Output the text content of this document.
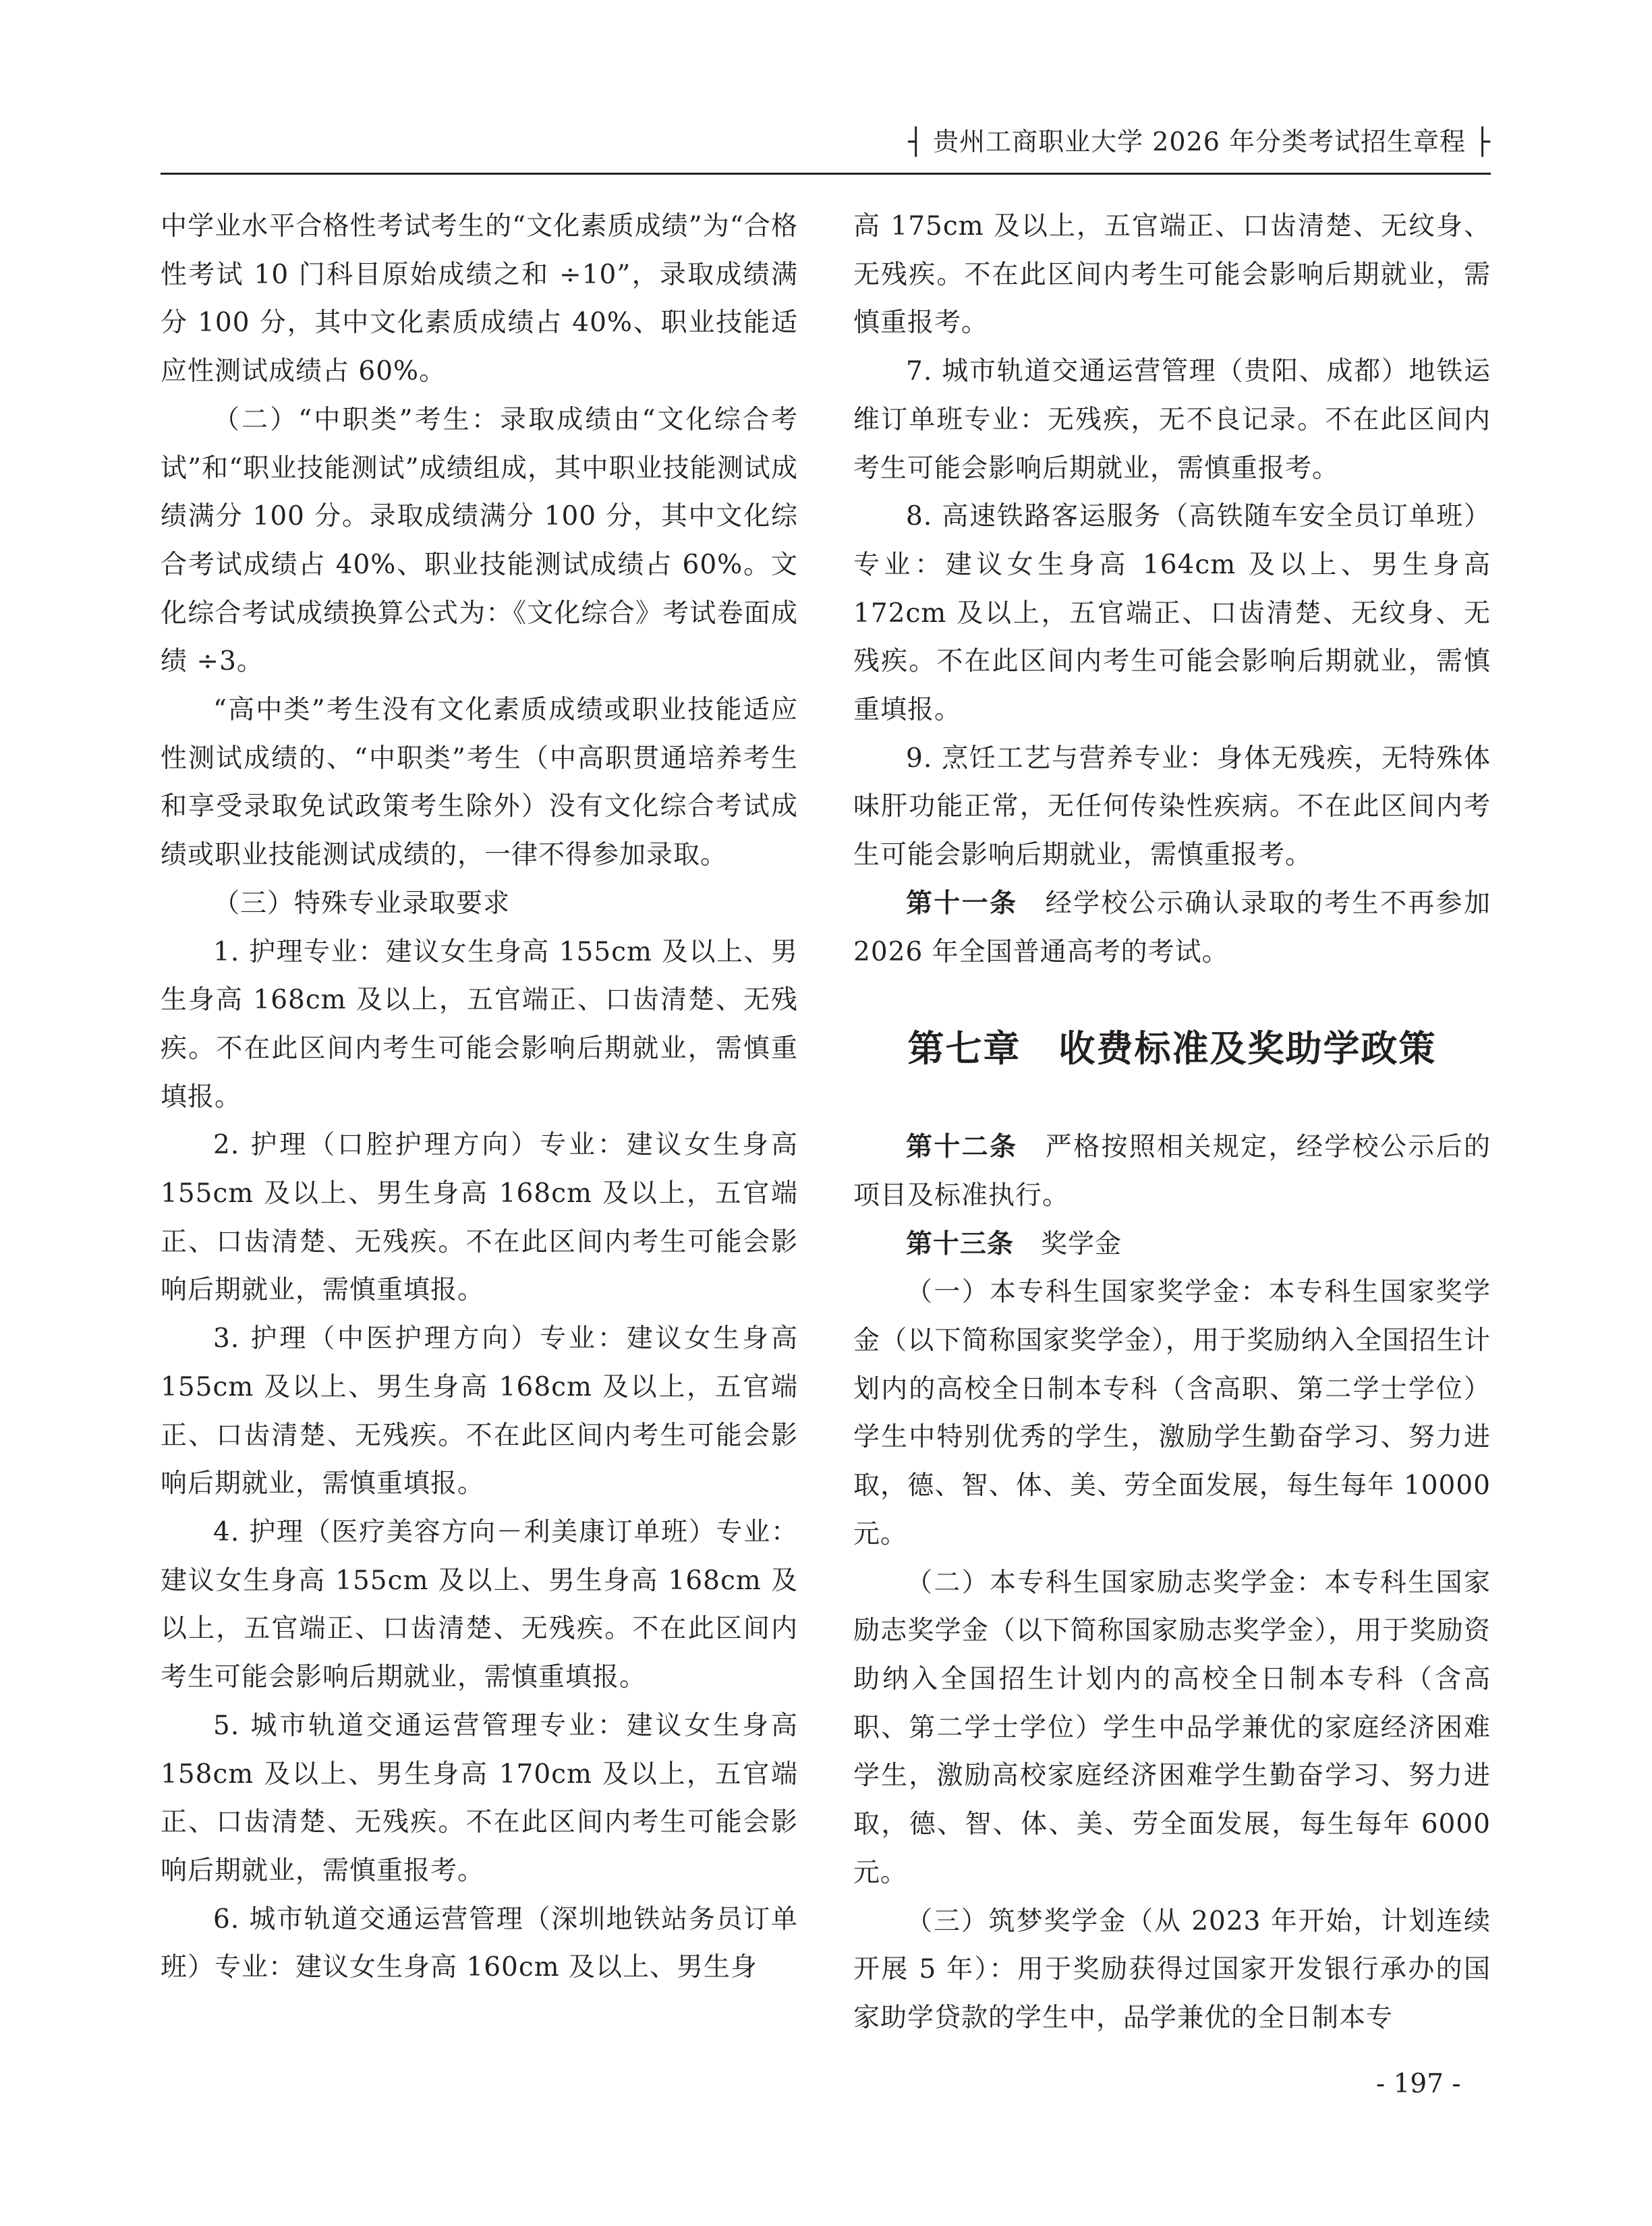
┤ 贵州工商职业大学 2026 年分类考试招生章程 ├

中学业水平合格性考试考生的“文化素质成绩”为“合格性考试 10 门科目原始成绩之和 ÷10”，录取成绩满分 100 分，其中文化素质成绩占 40%、职业技能适应性测试成绩占 60%。

（二）“中职类”考生：录取成绩由“文化综合考试”和“职业技能测试”成绩组成，其中职业技能测试成绩满分 100 分。录取成绩满分 100 分，其中文化综合考试成绩占 40%、职业技能测试成绩占 60%。文化综合考试成绩换算公式为：《文化综合》考试卷面成绩 ÷3。

“高中类”考生没有文化素质成绩或职业技能适应性测试成绩的、“中职类”考生（中高职贯通培养考生和享受录取免试政策考生除外）没有文化综合考试成绩或职业技能测试成绩的，一律不得参加录取。

（三）特殊专业录取要求

1. 护理专业：建议女生身高 155cm 及以上、男生身高 168cm 及以上，五官端正、口齿清楚、无残疾。不在此区间内考生可能会影响后期就业，需慎重填报。

2. 护理（口腔护理方向）专业：建议女生身高 155cm 及以上、男生身高 168cm 及以上，五官端正、口齿清楚、无残疾。不在此区间内考生可能会影响后期就业，需慎重填报。

3. 护理（中医护理方向）专业：建议女生身高 155cm 及以上、男生身高 168cm 及以上，五官端正、口齿清楚、无残疾。不在此区间内考生可能会影响后期就业，需慎重填报。

4. 护理（医疗美容方向－利美康订单班）专业：建议女生身高 155cm 及以上、男生身高 168cm 及以上，五官端正、口齿清楚、无残疾。不在此区间内考生可能会影响后期就业，需慎重填报。

5. 城市轨道交通运营管理专业：建议女生身高 158cm 及以上、男生身高 170cm 及以上，五官端正、口齿清楚、无残疾。不在此区间内考生可能会影响后期就业，需慎重报考。

6. 城市轨道交通运营管理（深圳地铁站务员订单班）专业：建议女生身高 160cm 及以上、男生身

高 175cm 及以上，五官端正、口齿清楚、无纹身、无残疾。不在此区间内考生可能会影响后期就业，需慎重报考。

7. 城市轨道交通运营管理（贵阳、成都）地铁运维订单班专业：无残疾，无不良记录。不在此区间内考生可能会影响后期就业，需慎重报考。

8. 高速铁路客运服务（高铁随车安全员订单班）专业：建议女生身高 164cm 及以上、男生身高 172cm 及以上，五官端正、口齿清楚、无纹身、无残疾。不在此区间内考生可能会影响后期就业，需慎重填报。

9. 烹饪工艺与营养专业：身体无残疾，无特殊体味肝功能正常，无任何传染性疾病。不在此区间内考生可能会影响后期就业，需慎重报考。

第十一条　 经学校公示确认录取的考生不再参加 2026 年全国普通高考的考试。

第七章　收费标准及奖助学政策

第十二条　 严格按照相关规定，经学校公示后的项目及标准执行。

第十三条　 奖学金

（一）本专科生国家奖学金：本专科生国家奖学金（以下简称国家奖学金），用于奖励纳入全国招生计划内的高校全日制本专科（含高职、第二学士学位）学生中特别优秀的学生，激励学生勤奋学习、努力进取，德、智、体、美、劳全面发展，每生每年 10000 元。

（二）本专科生国家励志奖学金：本专科生国家励志奖学金（以下简称国家励志奖学金），用于奖励资助纳入全国招生计划内的高校全日制本专科（含高职、第二学士学位）学生中品学兼优的家庭经济困难学生，激励高校家庭经济困难学生勤奋学习、努力进取，德、智、体、美、劳全面发展，每生每年 6000 元。

（三）筑梦奖学金（从 2023 年开始，计划连续开展 5 年）：用于奖励获得过国家开发银行承办的国家助学贷款的学生中，品学兼优的全日制本专

- 197 -
